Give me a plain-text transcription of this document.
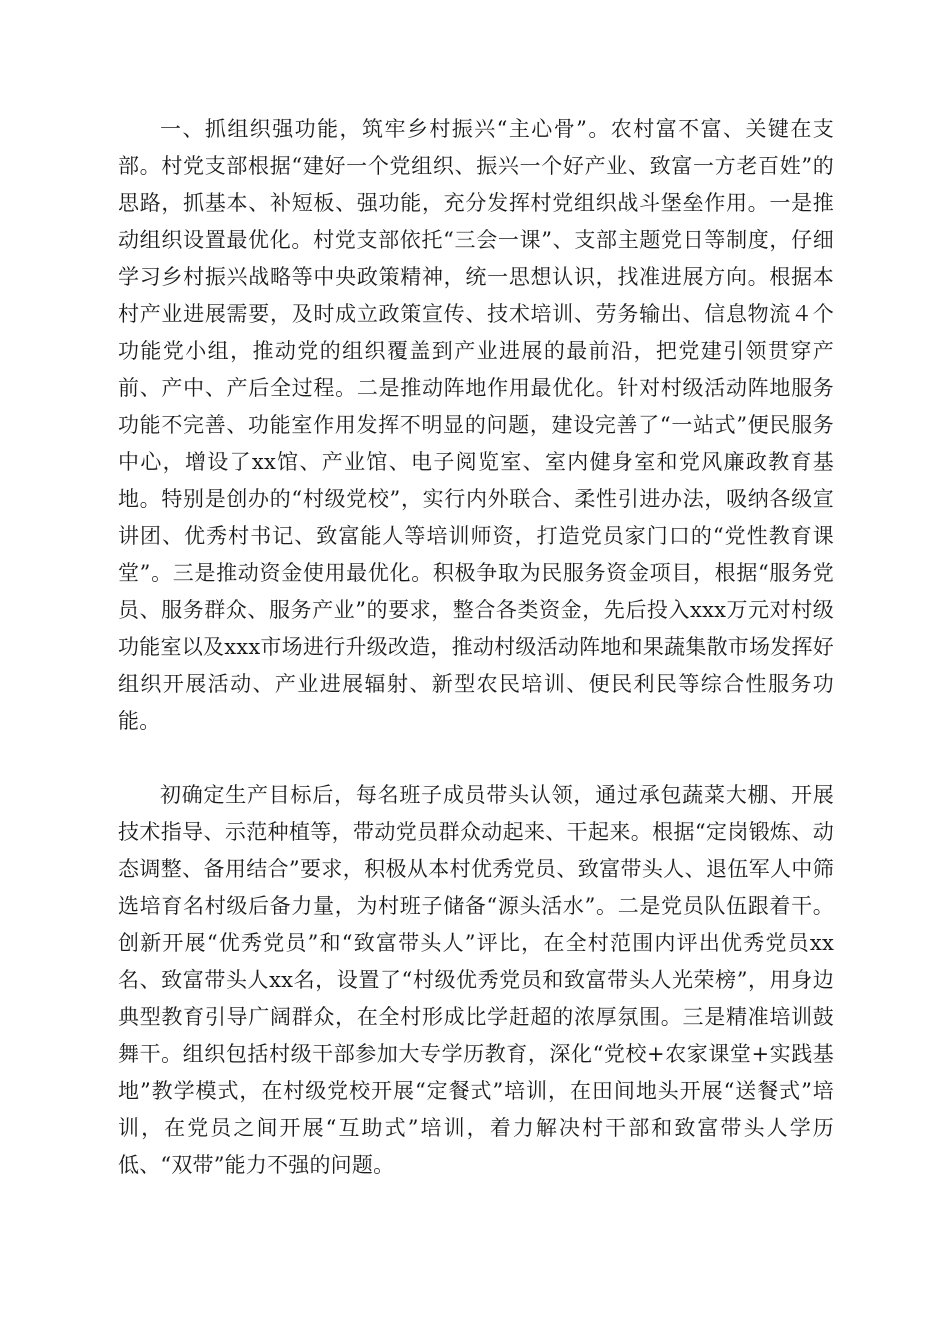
一、抓组织强功能，筑牢乡村振兴“主心骨”。农村富不富、关键在支部。村党支部根据“建好一个党组织、振兴一个好产业、致富一方老百姓”的思路，抓基本、补短板、强功能，充分发挥村党组织战斗堡垒作用。一是推动组织设置最优化。村党支部依托“三会一课”、支部主题党日等制度，仔细学习乡村振兴战略等中央政策精神，统一思想认识，找准进展方向。根据本村产业进展需要，及时成立政策宣传、技术培训、劳务输出、信息物流４个功能党小组，推动党的组织覆盖到产业进展的最前沿，把党建引领贯穿产前、产中、产后全过程。二是推动阵地作用最优化。针对村级活动阵地服务功能不完善、功能室作用发挥不明显的问题，建设完善了“一站式”便民服务中心，增设了xx馆、产业馆、电子阅览室、室内健身室和党风廉政教育基地。特别是创办的“村级党校”，实行内外联合、柔性引进办法，吸纳各级宣讲团、优秀村书记、致富能人等培训师资，打造党员家门口的“党性教育课堂”。三是推动资金使用最优化。积极争取为民服务资金项目，根据“服务党员、服务群众、服务产业”的要求，整合各类资金，先后投入xxx万元对村级功能室以及xxx市场进行升级改造，推动村级活动阵地和果蔬集散市场发挥好组织开展活动、产业进展辐射、新型农民培训、便民利民等综合性服务功能。

初确定生产目标后，每名班子成员带头认领，通过承包蔬菜大棚、开展技术指导、示范种植等，带动党员群众动起来、干起来。根据“定岗锻炼、动态调整、备用结合”要求，积极从本村优秀党员、致富带头人、退伍军人中筛选培育名村级后备力量，为村班子储备“源头活水”。二是党员队伍跟着干。创新开展“优秀党员”和“致富带头人”评比，在全村范围内评出优秀党员xx名、致富带头人xx名，设置了“村级优秀党员和致富带头人光荣榜”，用身边典型教育引导广阔群众，在全村形成比学赶超的浓厚氛围。三是精准培训鼓舞干。组织包括村级干部参加大专学历教育，深化“党校+农家课堂+实践基地”教学模式，在村级党校开展“定餐式”培训，在田间地头开展“送餐式”培训，在党员之间开展“互助式”培训，着力解决村干部和致富带头人学历低、“双带”能力不强的问题。
